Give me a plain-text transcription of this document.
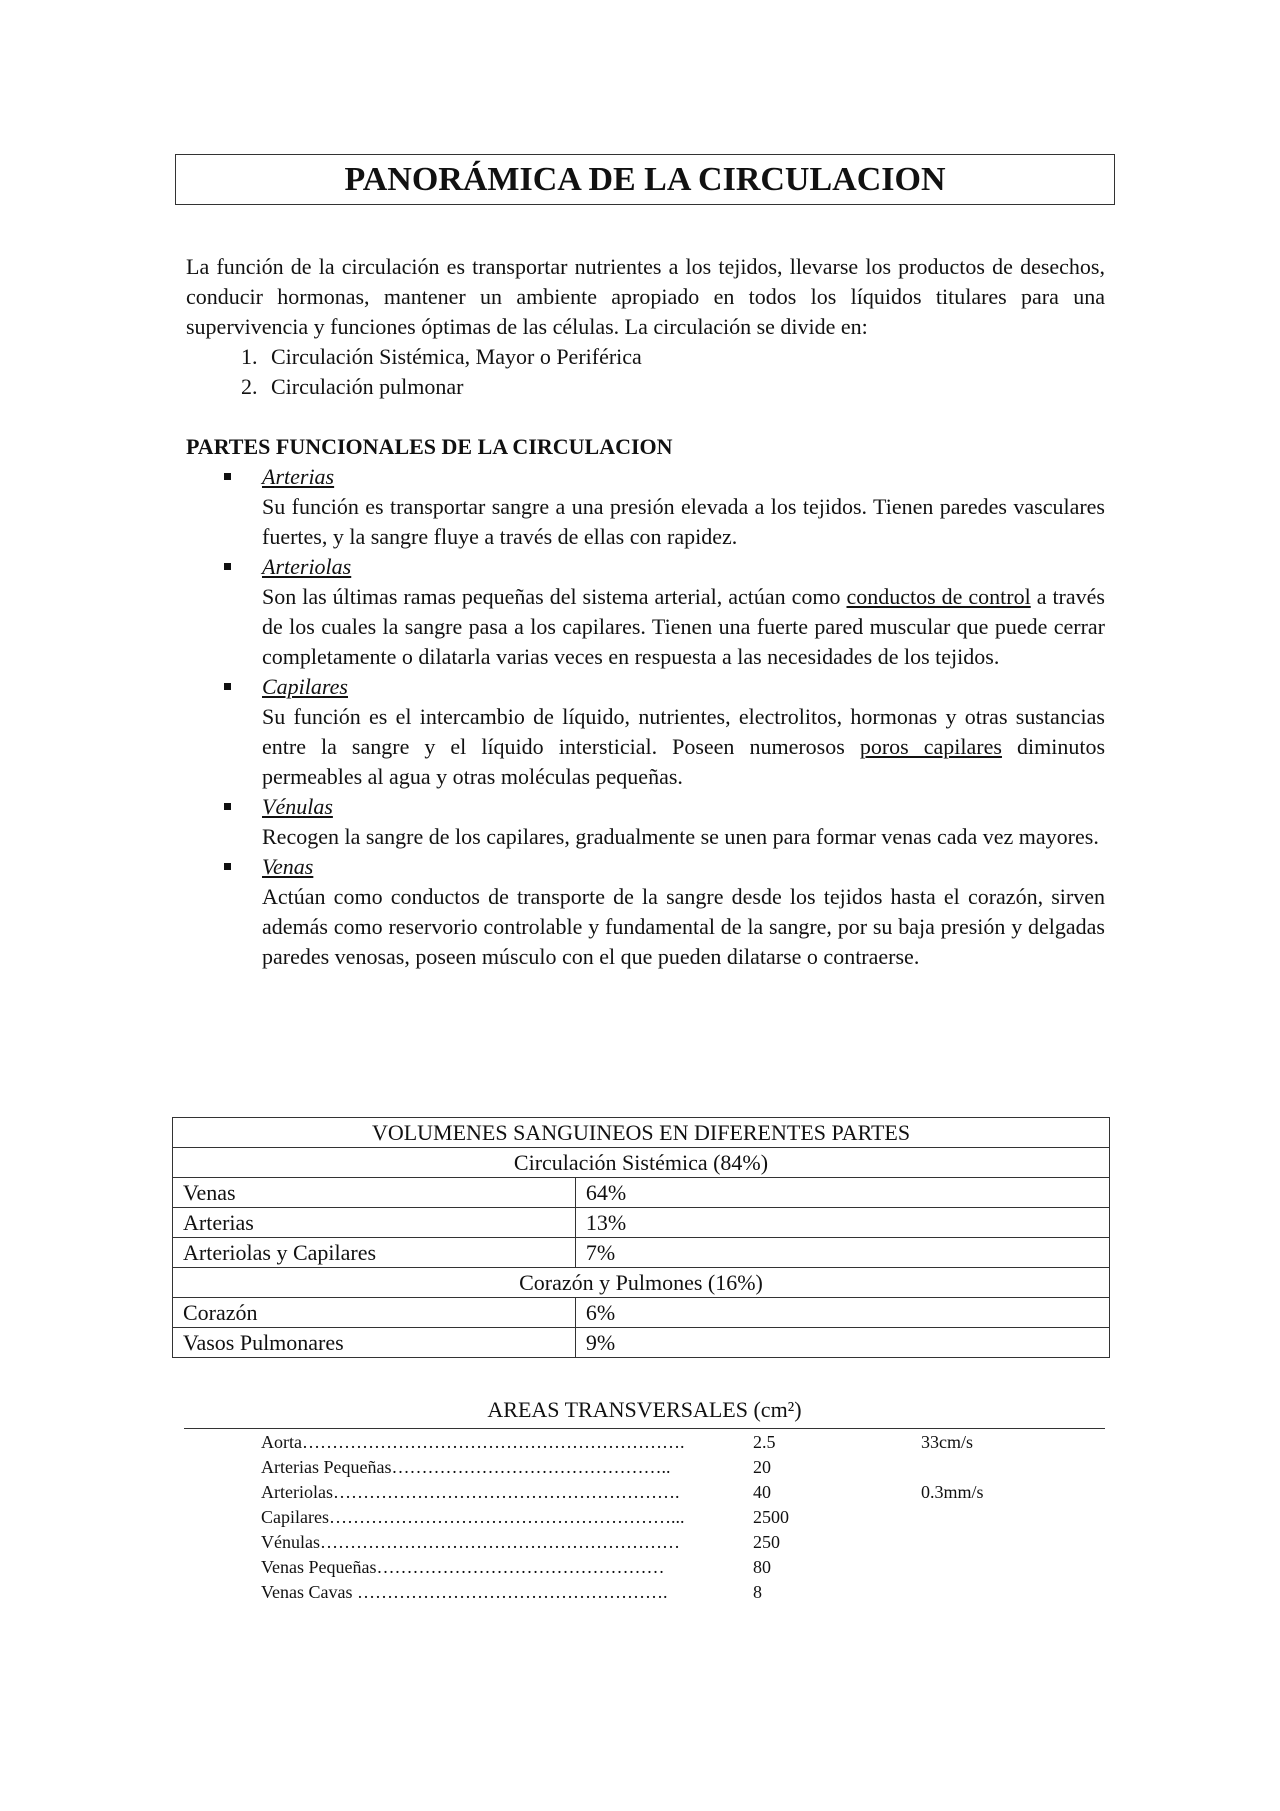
PANORÁMICA DE LA CIRCULACION

La función de la circulación es transportar nutrientes a los tejidos, llevarse los productos de desechos, conducir hormonas, mantener un ambiente apropiado en todos los líquidos titulares para una supervivencia y funciones óptimas de las células. La circulación se divide en:

1. Circulación Sistémica, Mayor o Periférica
2. Circulación pulmonar
PARTES FUNCIONALES DE LA CIRCULACION
Arterias

Su función es transportar sangre a una presión elevada a los tejidos. Tienen paredes vasculares fuertes, y la sangre fluye a través de ellas con rapidez.

Arteriolas

Son las últimas ramas pequeñas del sistema arterial, actúan como conductos de control a través de los cuales la sangre pasa a los capilares. Tienen una fuerte pared muscular que puede cerrar completamente o dilatarla varias veces en respuesta a las necesidades de los tejidos.

Capilares

Su función es el intercambio de líquido, nutrientes, electrolitos, hormonas y otras sustancias entre la sangre y el líquido intersticial. Poseen numerosos poros capilares diminutos permeables al agua y otras moléculas pequeñas.

Vénulas

Recogen la sangre de los capilares, gradualmente se unen para formar venas cada vez mayores.

Venas

Actúan como conductos de transporte de la sangre desde los tejidos hasta el corazón, sirven además como reservorio controlable y fundamental de la sangre, por su baja presión y delgadas paredes venosas, poseen músculo con el que pueden dilatarse o contraerse.

VOLUMENES SANGUINEOS EN DIFERENTES PARTES	
Circulación Sistémica (84%)	
Venas	64%
Arterias	13%
Arteriolas y Capilares	7%
Corazón y Pulmones (16%)	
Corazón	6%
Vasos Pulmonares	9%
AREAS TRANSVERSALES (cm²)
Aorta……………………………………………………….	2.5	33cm/s
Arterias Pequeñas………………………………………..	20
Arteriolas………………………………………………….	40	0.3mm/s
Capilares…………………………………………………...	2500
Vénulas……………………………………………………	250
Venas Pequeñas…………………………………………	80
Venas Cavas …………………………………………….	8
